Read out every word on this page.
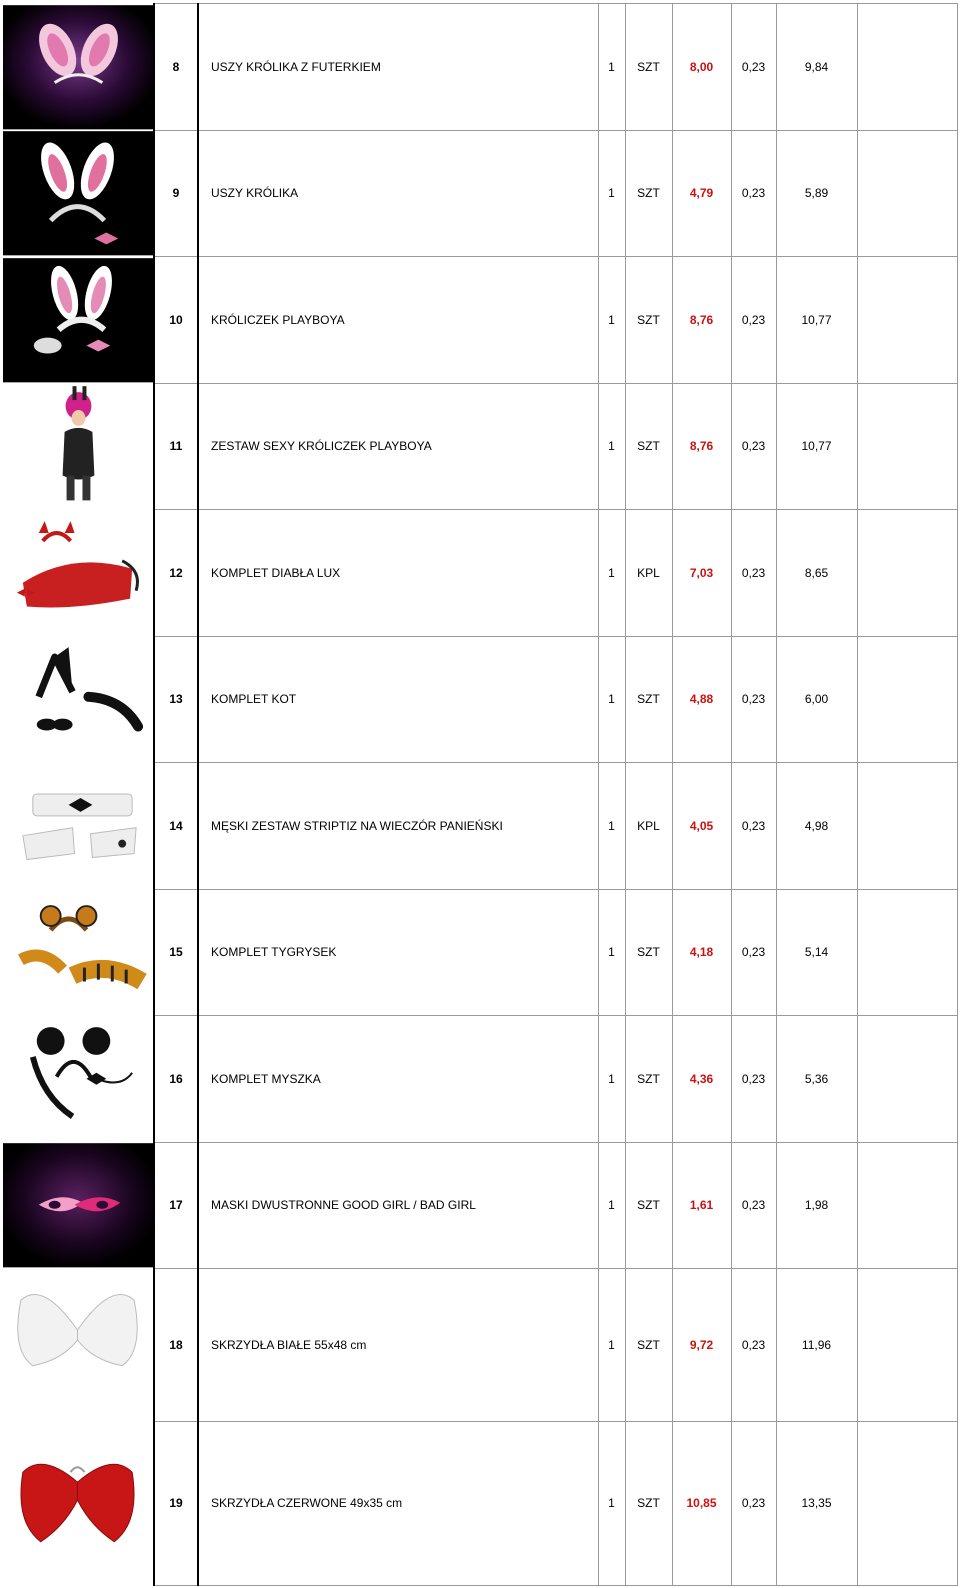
	8	USZY KRÓLIKA Z FUTERKIEM	1	SZT	8,00	0,23	9,84	

	9	USZY KRÓLIKA	1	SZT	4,79	0,23	5,89	

	10	KRÓLICZEK PLAYBOYA	1	SZT	8,76	0,23	10,77	

	11	ZESTAW SEXY KRÓLICZEK PLAYBOYA	1	SZT	8,76	0,23	10,77	

	12	KOMPLET DIABŁA LUX	1	KPL	7,03	0,23	8,65	

	13	KOMPLET KOT	1	SZT	4,88	0,23	6,00	

	14	MĘSKI ZESTAW STRIPTIZ NA WIECZÓR PANIEŃSKI	1	KPL	4,05	0,23	4,98	

	15	KOMPLET TYGRYSEK	1	SZT	4,18	0,23	5,14	

	16	KOMPLET MYSZKA	1	SZT	4,36	0,23	5,36	

	17	MASKI DWUSTRONNE GOOD GIRL / BAD GIRL	1	SZT	1,61	0,23	1,98	

	18	SKRZYDŁA BIAŁE 55x48 cm	1	SZT	9,72	0,23	11,96	

	19	SKRZYDŁA CZERWONE 49x35 cm	1	SZT	10,85	0,23	13,35	
